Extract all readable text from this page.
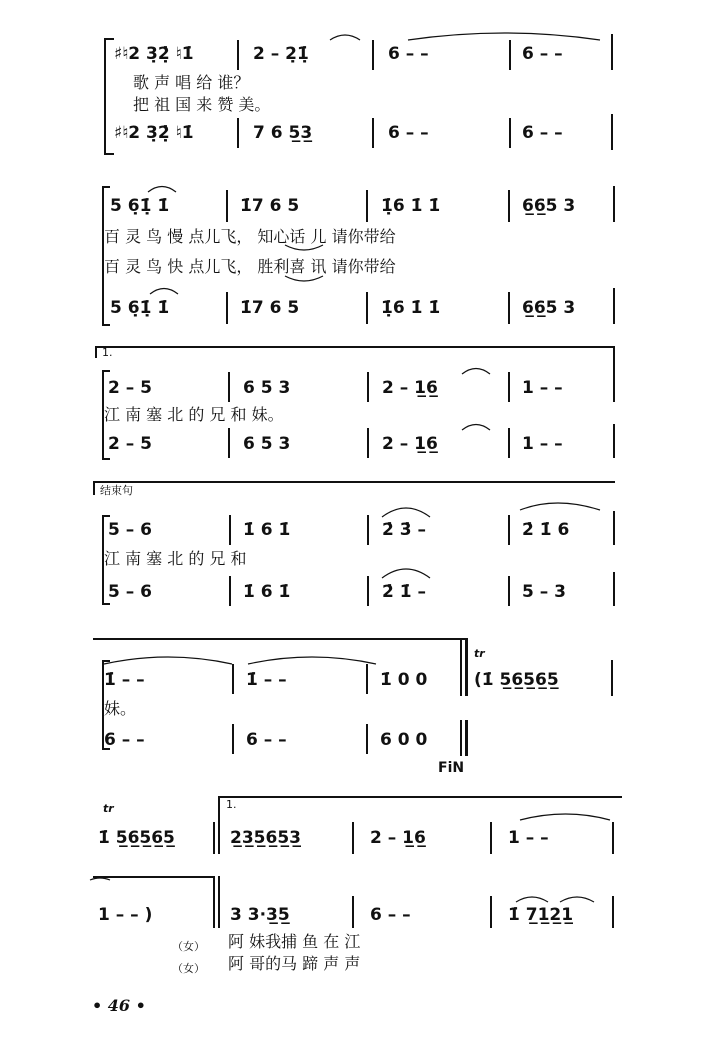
♯♮2 3̣2̣̇ ♮1̇	2 – 2̣1̣̇	6 – –	6 – –
歌 声 唱 给 谁？
把 祖 国 来 赞 美。
♯♮2 3̣2̣̇ ♮1̇	7 6 5̲3̲	6 – –	6 – –
5 6̣1̣̇ 1̇	1̇7 6 5	1̣̇6 1̇ 1̇	6̲6̲5 3
百 灵 鸟 慢 点儿飞， 知心话 儿 请你带给
百 灵 鸟 快 点儿飞， 胜利喜 讯 请你带给
5 6̣1̣̇ 1̇	1̇7 6 5	1̣̇6 1̇ 1̇	6̲6̲5 3
1.
2 – 5	6 5 3	2 – 1̲6̲	1 – –
江 南 塞 北 的 兄 和 妹。
2 – 5	6 5 3	2 – 1̲6̲	1 – –
结束句
5 – 6	1̇ 6 1̇	2̇ 3̇ –	2̇ 1̇ 6
江 南 塞 北 的 兄 和
5 – 6	1̇ 6 1̇	2̇ 1̇ –	5 – 3
tr
1̇ – –	1̇ – –	1̇ 0 0	(1̇ 5̲6̲5̲6̲5̲
妹。
6 – –	6 – –	6 0 0
FiN
tr	1.
1̇ 5̲6̲5̲6̲5̲	2̲3̲5̲6̲5̲3̲	2 – 1̲6̲	1 – –
1 – – )	3 3·3̲5̲	6 – –	1̇ 7̲1̲2̲1̲
（女） 阿 妹我捕 鱼 在 江
（女） 阿 哥的马 蹄 声 声
• 46 •
